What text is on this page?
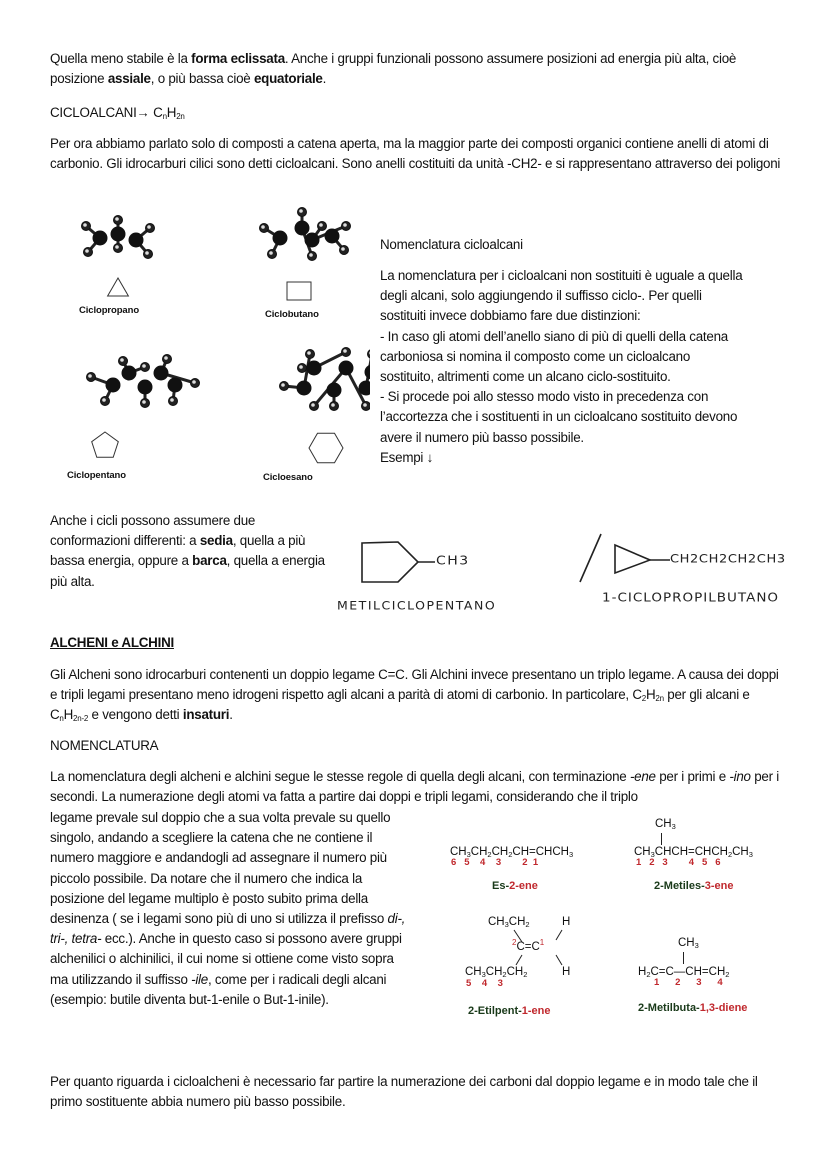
Quella meno stabile è la forma eclissata. Anche i gruppi funzionali possono assumere posizioni ad energia più alta, cioè posizione assiale, o più bassa cioè equatoriale.
CICLOALCANI→ $C_nH_{2n}$
Per ora abbiamo parlato solo di composti a catena aperta, ma la maggior parte dei composti organici contiene anelli di atomi di carbonio. Gli idrocarburi cilici sono detti cicloalcani. Sono anelli costituiti da unità -CH2- e si rappresentano attraverso dei poligoni
Ciclopropano	Ciclobutano
Ciclopentano	Cicloesano
Nomenclatura cicloalcani
La nomenclatura per i cicloalcani non sostituiti è uguale a quella
degli alcani, solo aggiungendo il suffisso ciclo-. Per quelli
sostituiti invece dobbiamo fare due distinzioni:
- In caso gli atomi dell’anello siano di più di quelli della catena
carboniosa si nomina il composto come un cicloalcano
sostituito, altrimenti come un alcano ciclo-sostituito.
- Si procede poi allo stesso modo visto in precedenza con
l’accortezza che i sostituenti in un cicloalcano sostituito devono
avere il numero più basso possibile.
Esempi ↓
Anche i cicli possono assumere due conformazioni differenti: a sedia, quella a più bassa energia, oppure a barca, quella a energia più alta.
CH3
METILCICLOPENTANO
CH2CH2CH2CH3
1-CICLOPROPILBUTANO
ALCHENI e ALCHINI
Gli Alcheni sono idrocarburi contenenti un doppio legame C=C. Gli Alchini invece presentano un triplo legame. A causa dei doppi e tripli legami presentano meno idrogeni rispetto agli alcani a parità di atomi di carbonio. In particolare, $C_2H_{2n}$ per gli alcani e $C_nH_{2n-2}$ e vengono detti insaturi.
NOMENCLATURA
La nomenclatura degli alcheni e alchini segue le stesse regole di quella degli alcani, con terminazione -ene per i primi e -ino per i secondi. La numerazione degli atomi va fatta a partire dai doppi e tripli legami, considerando che il triplo
legame prevale sul doppio che a sua volta prevale su quello singolo, andando a scegliere la catena che ne contiene il numero maggiore e andandogli ad assegnare il numero più piccolo possibile. Da notare che il numero che indica la posizione del legame multiplo è posto subito prima della desinenza ( se i legami sono più di uno si utilizza il prefisso di-, tri-, tetra- ecc.). Anche in questo caso si possono avere gruppi alchenilici o alchinilici, il cui nome si ottiene come visto sopra ma utilizzando il suffisso -ile, come per i radicali degli alcani (esempio: butile diventa but-1-enile o But-1-inile).
$CH_3CH_2CH_2CH=CHCH_3$
6   5    4    3        2  1
Es-2-ene
$CH_3$
$CH_3CHCH=CHCH_2CH_3$
1   2   3        4   5   6
2-Metiles-3-ene
$CH_3CH_2$	H
$^2C=C^1$
$CH_3CH_2CH_2$	H
5    4    3
2-Etilpent-1-ene
$CH_3$
$H_2C=C—CH=CH_2$
1      2      3      4
2-Metilbuta-1,3-diene
Per quanto riguarda i cicloalcheni è necessario far partire la numerazione dei carboni dal doppio legame e in modo tale che il primo sostituente abbia numero più basso possibile.
